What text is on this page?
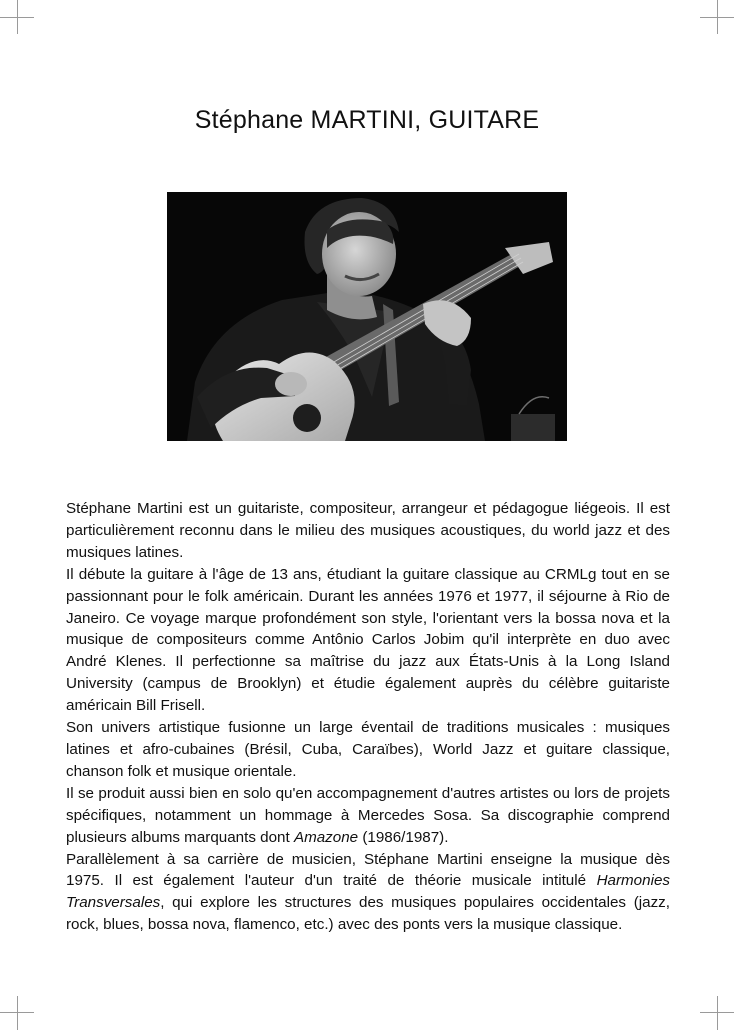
Stéphane MARTINI, GUITARE

Stéphane Martini est un guitariste, compositeur, arrangeur et pédagogue liégeois. Il est particulièrement reconnu dans le milieu des musiques acoustiques, du world jazz et des musiques latines.

Il débute la guitare à l'âge de 13 ans, étudiant la guitare classique au CRMLg tout en se passionnant pour le folk américain. Durant les années 1976 et 1977, il séjourne à Rio de Janeiro. Ce voyage marque profondément son style, l'orientant vers la bossa nova et la musique de compositeurs comme Antônio Carlos Jobim qu'il interprète en duo avec André Klenes. Il perfectionne sa maîtrise du jazz aux États-Unis à la Long Island University (campus de Brooklyn) et étudie également auprès du célèbre guitariste américain Bill Frisell.

Son univers artistique fusionne un large éventail de traditions musicales : musiques latines et afro-cubaines (Brésil, Cuba, Caraïbes), World Jazz et guitare classique, chanson folk et musique orientale.

Il se produit aussi bien en solo qu'en accompagnement d'autres artistes ou lors de projets spécifiques, notamment un hommage à Mercedes Sosa. Sa discographie comprend plusieurs albums marquants dont Amazone (1986/1987).

Parallèlement à sa carrière de musicien, Stéphane Martini enseigne la musique dès 1975. Il est également l'auteur d'un traité de théorie musicale intitulé Harmonies Transversales, qui explore les structures des musiques populaires occidentales (jazz, rock, blues, bossa nova, flamenco, etc.) avec des ponts vers la musique classique.
